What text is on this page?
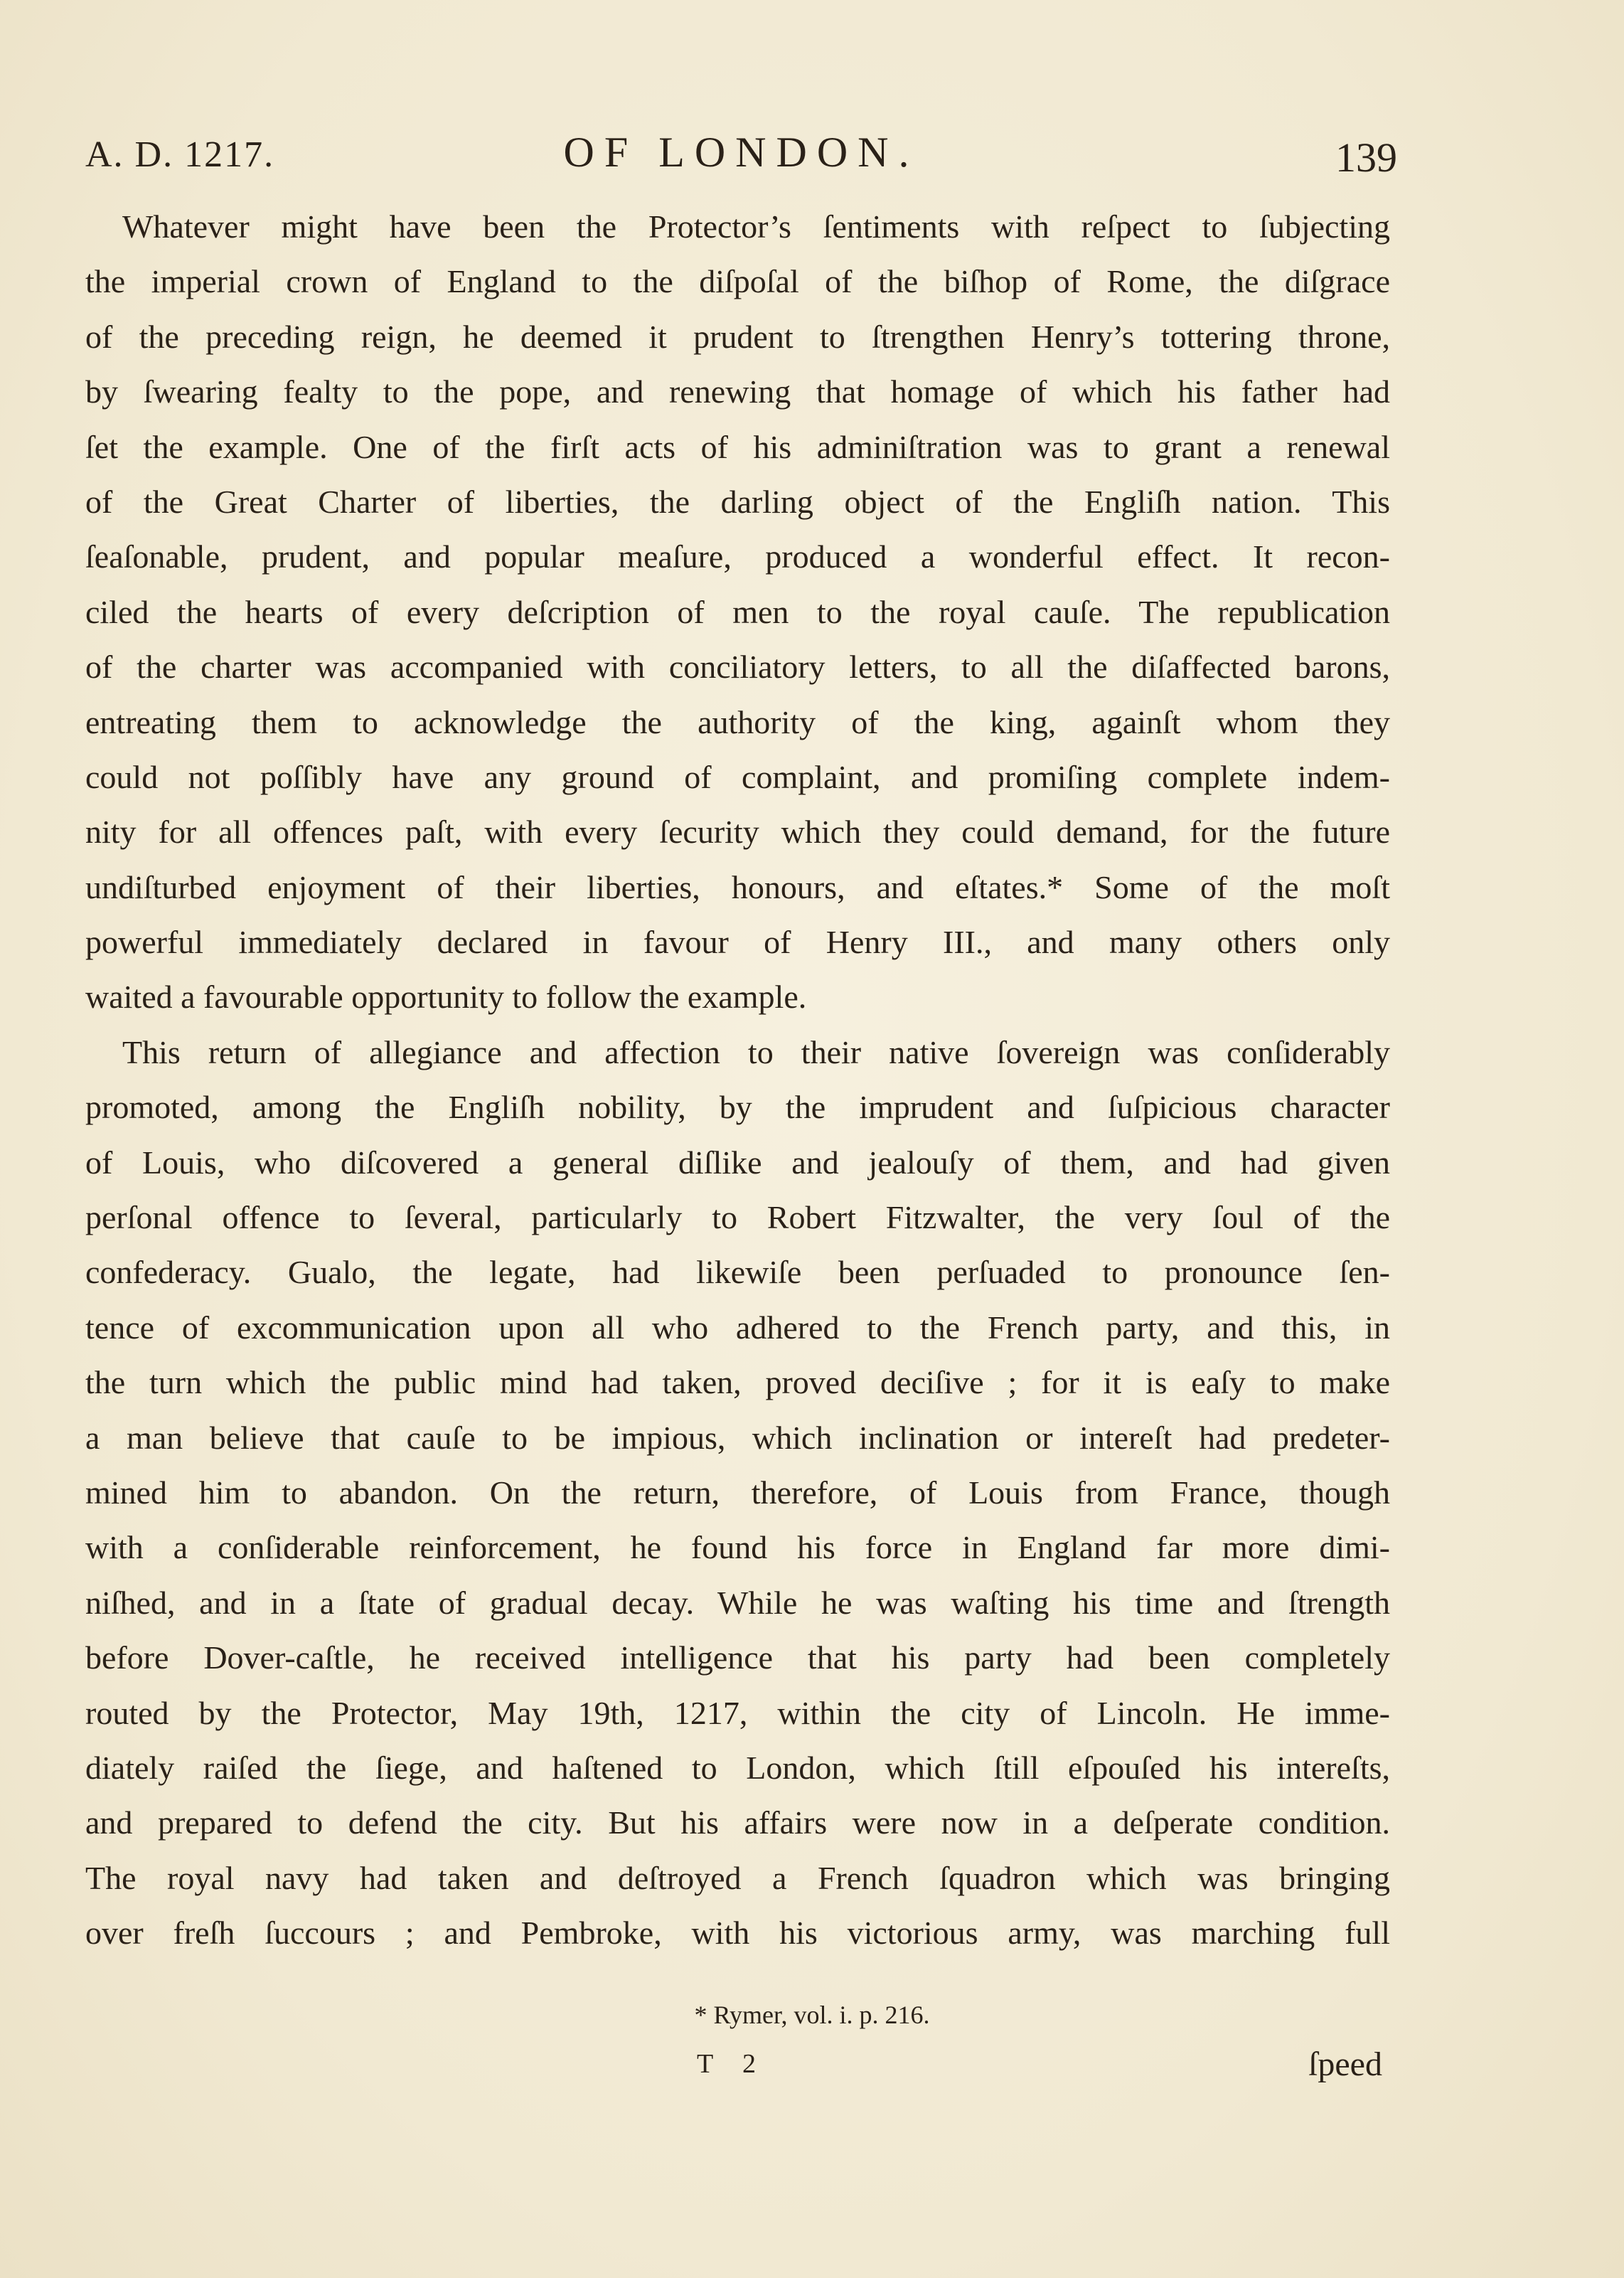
A. D. 1217.	OF LONDON.	139
Whatever might have been the Protector’s ſentiments with reſpect to ſubjecting
the imperial crown of England to the diſpoſal of the biſhop of Rome, the diſgrace
of the preceding reign, he deemed it prudent to ſtrengthen Henry’s tottering throne,
by ſwearing fealty to the pope, and renewing that homage of which his father had
ſet the example. One of the firſt acts of his adminiſtration was to grant a renewal
of the Great Charter of liberties, the darling object of the Engliſh nation. This
ſeaſonable, prudent, and popular meaſure, produced a wonderful effect. It recon-
ciled the hearts of every deſcription of men to the royal cauſe. The republication
of the charter was accompanied with conciliatory letters, to all the diſaffected barons,
entreating them to acknowledge the authority of the king, againſt whom they
could not poſſibly have any ground of complaint, and promiſing complete indem-
nity for all offences paſt, with every ſecurity which they could demand, for the future
undiſturbed enjoyment of their liberties, honours, and eſtates.* Some of the moſt
powerful immediately declared in favour of Henry III., and many others only
waited a favourable opportunity to follow the example.
This return of allegiance and affection to their native ſovereign was conſiderably
promoted, among the Engliſh nobility, by the imprudent and ſuſpicious character
of Louis, who diſcovered a general diſlike and jealouſy of them, and had given
perſonal offence to ſeveral, particularly to Robert Fitzwalter, the very ſoul of the
confederacy. Gualo, the legate, had likewiſe been perſuaded to pronounce ſen-
tence of excommunication upon all who adhered to the French party, and this, in
the turn which the public mind had taken, proved deciſive ; for it is eaſy to make
a man believe that cauſe to be impious, which inclination or intereſt had predeter-
mined him to abandon. On the return, therefore, of Louis from France, though
with a conſiderable reinforcement, he found his force in England far more dimi-
niſhed, and in a ſtate of gradual decay. While he was waſting his time and ſtrength
before Dover-caſtle, he received intelligence that his party had been completely
routed by the Protector, May 19th, 1217, within the city of Lincoln. He imme-
diately raiſed the ſiege, and haſtened to London, which ſtill eſpouſed his intereſts,
and prepared to defend the city. But his affairs were now in a deſperate condition.
The royal navy had taken and deſtroyed a French ſquadron which was bringing
over freſh ſuccours ; and Pembroke, with his victorious army, was marching full
* Rymer, vol. i. p. 216.
T 2	ſpeed
